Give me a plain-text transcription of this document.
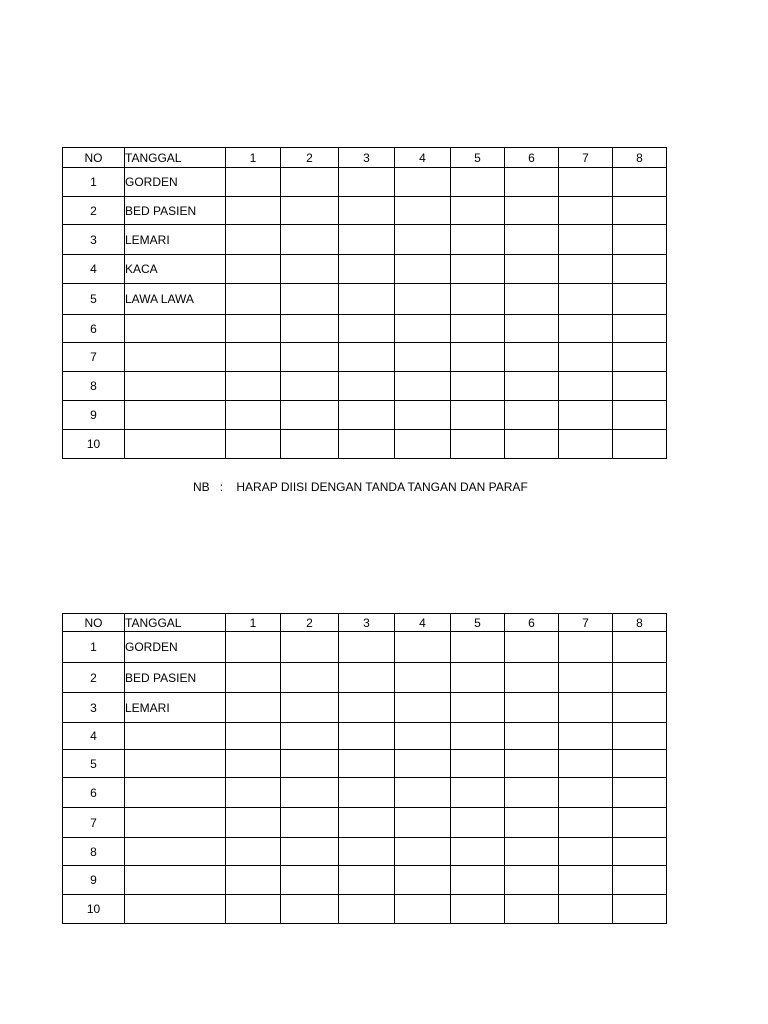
NO	TANGGAL	1	2	3	4	5	6	7	8
1	GORDEN								
2	BED PASIEN								
3	LEMARI								
4	KACA								
5	LAWA LAWA								
6									
7									
8									
9									
10									
NB : HARAP DIISI DENGAN TANDA TANGAN DAN PARAF
NO	TANGGAL	1	2	3	4	5	6	7	8
1	GORDEN								
2	BED PASIEN								
3	LEMARI								
4									
5									
6									
7									
8									
9									
10									
